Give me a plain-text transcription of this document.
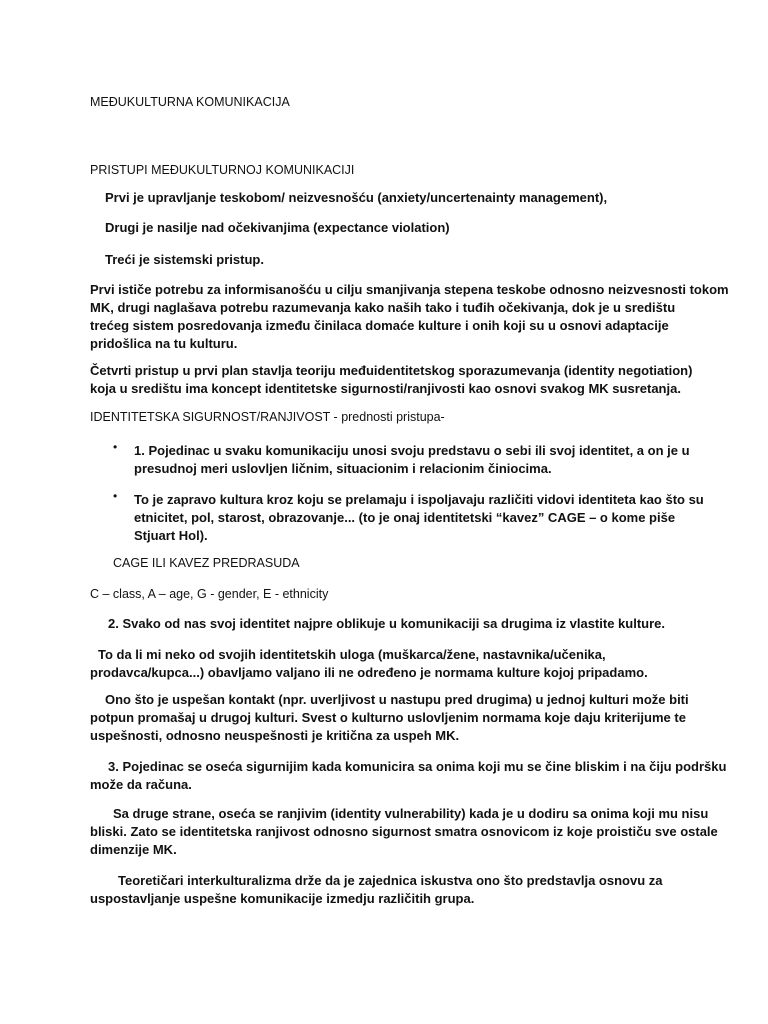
MEĐUKULTURNA KOMUNIKACIJA
PRISTUPI MEĐUKULTURNOJ KOMUNIKACIJI
Prvi je upravljanje teskobom/ neizvesnošću (anxiety/uncertenainty management),
Drugi je nasilje nad očekivanjima (expectance violation)
Treći je sistemski pristup.
Prvi ističe potrebu za informisanošću u cilju smanjivanja stepena teskobe odnosno neizvesnosti tokom
MK, drugi naglašava potrebu razumevanja kako naših tako i tuđih očekivanja, dok je u središtu
trećeg sistem posredovanja između činilaca domaće kulture i onih koji su u osnovi adaptacije
pridošlica na tu kulturu.
Četvrti pristup u prvi plan stavlja teoriju međuidentitetskog sporazumevanja (identity negotiation)
koja u središtu ima koncept identitetske sigurnosti/ranjivosti kao osnovi svakog MK susretanja.
IDENTITETSKA SIGURNOST/RANJIVOST - prednosti pristupa-
• 1. Pojedinac u svaku komunikaciju unosi svoju predstavu o sebi ili svoj identitet, a on je u
presudnoj meri uslovljen ličnim, situacionim i relacionim činiocima.
• To je zapravo kultura kroz koju se prelamaju i ispoljavaju različiti vidovi identiteta kao što su
etnicitet, pol, starost, obrazovanje... (to je onaj identitetski “kavez” CAGE – o kome piše
Stjuart Hol).
CAGE ILI KAVEZ PREDRASUDA
C – class, A – age, G - gender, E - ethnicity
2. Svako od nas svoj identitet najpre oblikuje u komunikaciji sa drugima iz vlastite kulture.
To da li mi neko od svojih identitetskih uloga (muškarca/žene, nastavnika/učenika,
prodavca/kupca...) obavljamo valjano ili ne određeno je normama kulture kojoj pripadamo.
Ono što je uspešan kontakt (npr. uverljivost u nastupu pred drugima) u jednoj kulturi može biti
potpun promašaj u drugoj kulturi. Svest o kulturno uslovljenim normama koje daju kriterijume te
uspešnosti, odnosno neuspešnosti je kritična za uspeh MK.
3. Pojedinac se oseća sigurnijim kada komunicira sa onima koji mu se čine bliskim i na čiju podršku
može da računa.
Sa druge strane, oseća se ranjivim (identity vulnerability) kada je u dodiru sa onima koji mu nisu
bliski. Zato se identitetska ranjivost odnosno sigurnost smatra osnovicom iz koje proističu sve ostale
dimenzije MK.
Teoretičari interkulturalizma drže da je zajednica iskustva ono što predstavlja osnovu za
uspostavljanje uspešne komunikacije izmedju različitih grupa.
